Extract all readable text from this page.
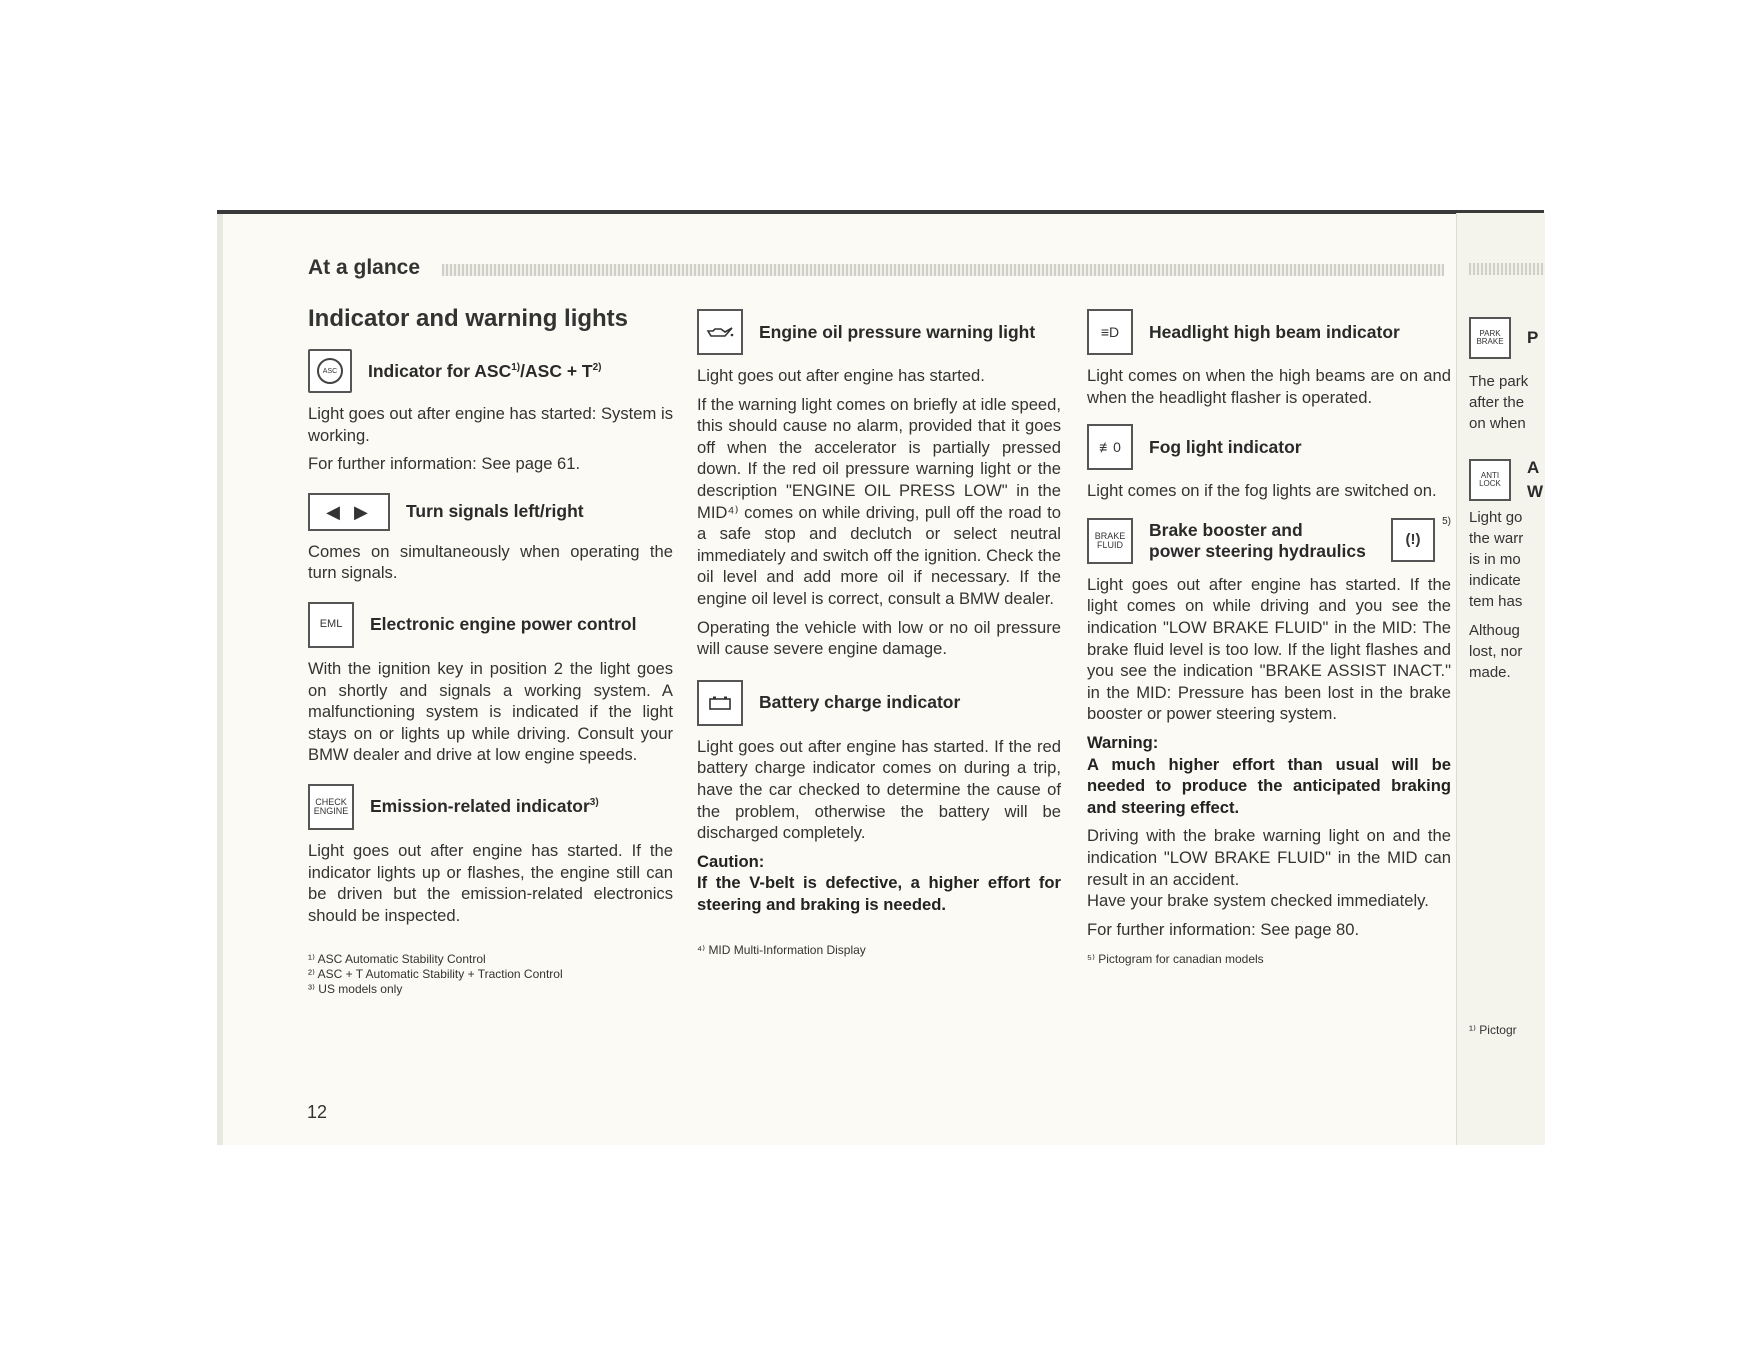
At a glance
Indicator and warning lights
ASC	Indicator for $ASC^{1)}$/ASC + $T^{2)}$

Light goes out after engine has started: System is working.

For further information: See page 61.

◀ ▶ Turn signals left/right

Comes on simultaneously when operating the turn signals.

EML	Electronic engine power control

With the ignition key in position 2 the light goes on shortly and signals a working system. A malfunctioning system is indicated if the light stays on or lights up while driving. Consult your BMW dealer and drive at low engine speeds.

CHECK
ENGINE Emission-related indicator$^{3)}$

Light goes out after engine has started. If the indicator lights up or flashes, the engine still can be driven but the emission-related electronics should be inspected.

¹⁾ ASC Automatic Stability Control

²⁾ ASC + T Automatic Stability + Traction Control

³⁾ US models only

Engine oil pressure warning light

Light goes out after engine has started.

If the warning light comes on briefly at idle speed, this should cause no alarm, provided that it goes off when the accelerator is partially pressed down. If the red oil pressure warning light or the description "ENGINE OIL PRESS LOW" in the MID⁴⁾ comes on while driving, pull off the road to a safe stop and declutch or select neutral immediately and switch off the ignition. Check the oil level and add more oil if necessary. If the engine oil level is correct, consult a BMW dealer.

Operating the vehicle with low or no oil pressure will cause severe engine damage.

Battery charge indicator

Light goes out after engine has started. If the red battery charge indicator comes on during a trip, have the car checked to determine the cause of the problem, otherwise the battery will be discharged completely.

Caution:

If the V-belt is defective, a higher effort for steering and braking is needed.

⁴⁾ MID Multi-Information Display

≡D	Headlight high beam indicator

Light comes on when the high beams are on and when the headlight flasher is operated.

≢0	Fog light indicator

Light comes on if the fog lights are switched on.

BRAKE
FLUID
Brake booster and
power steering hydraulics
(!)
$^{5)}$

Light goes out after engine has started. If the light comes on while driving and you see the indication "LOW BRAKE FLUID" in the MID: The brake fluid level is too low. If the light flashes and you see the indication "BRAKE ASSIST INACT." in the MID: Pressure has been lost in the brake booster or power steering system.

Warning:

A much higher effort than usual will be needed to produce the anticipated braking and steering effect.

Driving with the brake warning light on and the indication "LOW BRAKE FLUID" in the MID can result in an accident.

Have your brake system checked immediately.

For further information: See page 80.

⁵⁾ Pictogram for canadian models

PARK
BRAKE P
The park
after the
on when
ANTI
LOCK
A
W
Light go
the warr
is in mo
indicate
tem has
Althoug
lost, nor
made.
¹⁾ Pictogr
12
